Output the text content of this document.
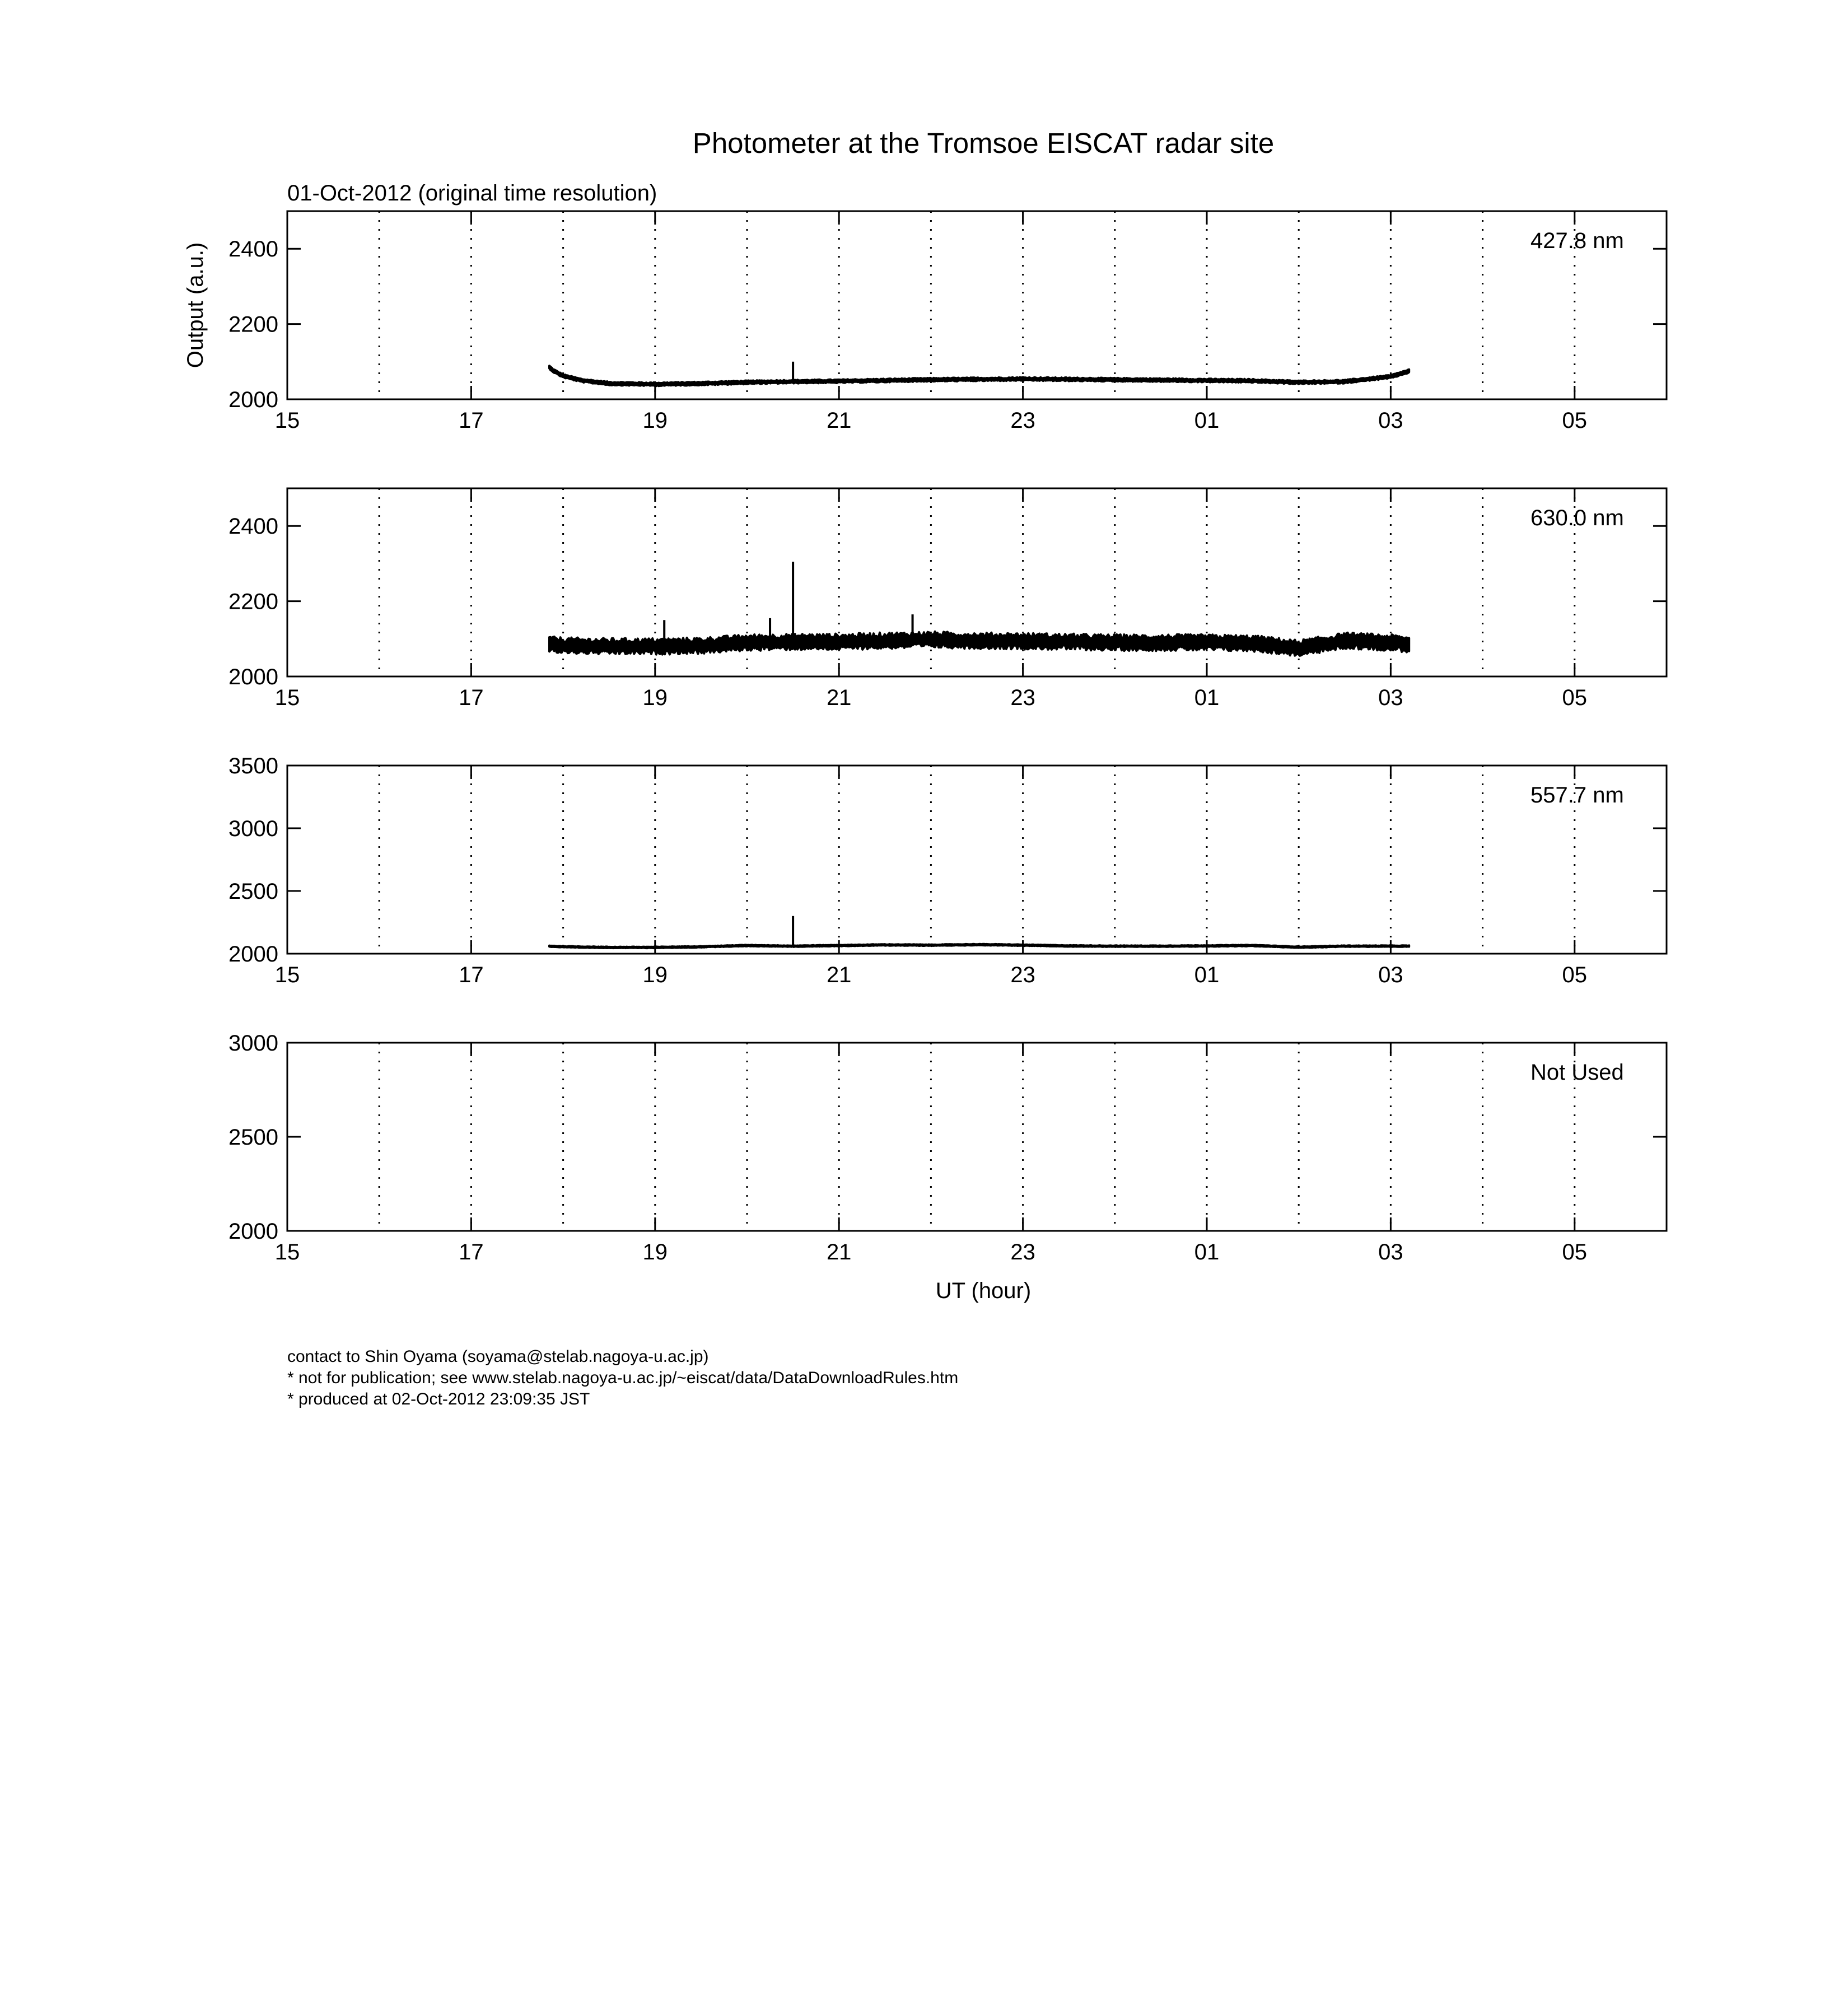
Photometer at the Tromsoe EISCAT radar site
01-Oct-2012 (original time resolution)
Output (a.u.)
UT (hour)
15	17	19	21	23	01	03	05
2000
2200
2400	427.8 nm
15	17	19	21	23	01	03	05
2000
2200
2400	630.0 nm
15	17	19	21	23	01	03	05
2000
2500
3000
3500
557.7 nm
15	17	19	21	23	01	03	05
2000
2500
3000
Not Used
contact to Shin Oyama (soyama@stelab.nagoya-u.ac.jp)
* not for publication; see www.stelab.nagoya-u.ac.jp/~eiscat/data/DataDownloadRules.htm
* produced at 02-Oct-2012 23:09:35 JST
